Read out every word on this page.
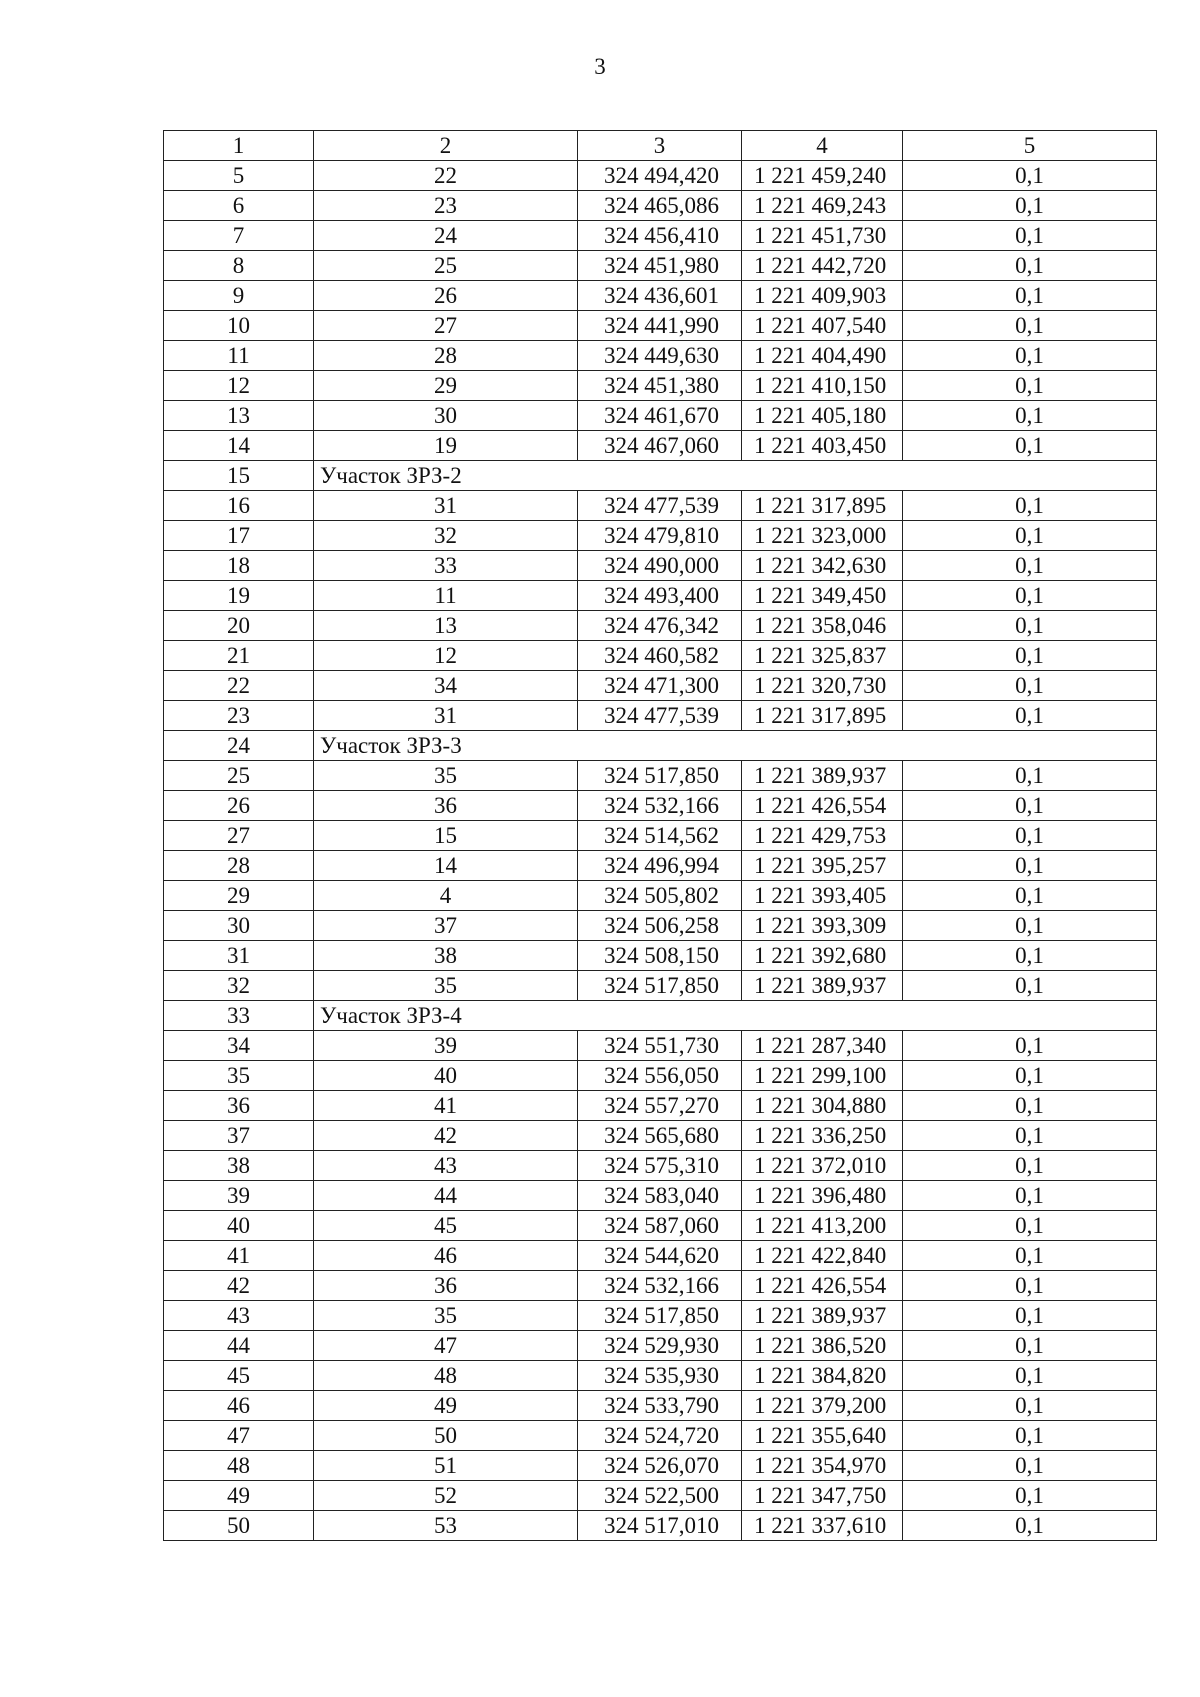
3
1	2	3	4	5
5	22	324 494,420	1 221 459,240	0,1
6	23	324 465,086	1 221 469,243	0,1
7	24	324 456,410	1 221 451,730	0,1
8	25	324 451,980	1 221 442,720	0,1
9	26	324 436,601	1 221 409,903	0,1
10	27	324 441,990	1 221 407,540	0,1
11	28	324 449,630	1 221 404,490	0,1
12	29	324 451,380	1 221 410,150	0,1
13	30	324 461,670	1 221 405,180	0,1
14	19	324 467,060	1 221 403,450	0,1
15	Участок ЗРЗ-2			
16	31	324 477,539	1 221 317,895	0,1
17	32	324 479,810	1 221 323,000	0,1
18	33	324 490,000	1 221 342,630	0,1
19	11	324 493,400	1 221 349,450	0,1
20	13	324 476,342	1 221 358,046	0,1
21	12	324 460,582	1 221 325,837	0,1
22	34	324 471,300	1 221 320,730	0,1
23	31	324 477,539	1 221 317,895	0,1
24	Участок ЗРЗ-3			
25	35	324 517,850	1 221 389,937	0,1
26	36	324 532,166	1 221 426,554	0,1
27	15	324 514,562	1 221 429,753	0,1
28	14	324 496,994	1 221 395,257	0,1
29	4	324 505,802	1 221 393,405	0,1
30	37	324 506,258	1 221 393,309	0,1
31	38	324 508,150	1 221 392,680	0,1
32	35	324 517,850	1 221 389,937	0,1
33	Участок ЗРЗ-4			
34	39	324 551,730	1 221 287,340	0,1
35	40	324 556,050	1 221 299,100	0,1
36	41	324 557,270	1 221 304,880	0,1
37	42	324 565,680	1 221 336,250	0,1
38	43	324 575,310	1 221 372,010	0,1
39	44	324 583,040	1 221 396,480	0,1
40	45	324 587,060	1 221 413,200	0,1
41	46	324 544,620	1 221 422,840	0,1
42	36	324 532,166	1 221 426,554	0,1
43	35	324 517,850	1 221 389,937	0,1
44	47	324 529,930	1 221 386,520	0,1
45	48	324 535,930	1 221 384,820	0,1
46	49	324 533,790	1 221 379,200	0,1
47	50	324 524,720	1 221 355,640	0,1
48	51	324 526,070	1 221 354,970	0,1
49	52	324 522,500	1 221 347,750	0,1
50	53	324 517,010	1 221 337,610	0,1
